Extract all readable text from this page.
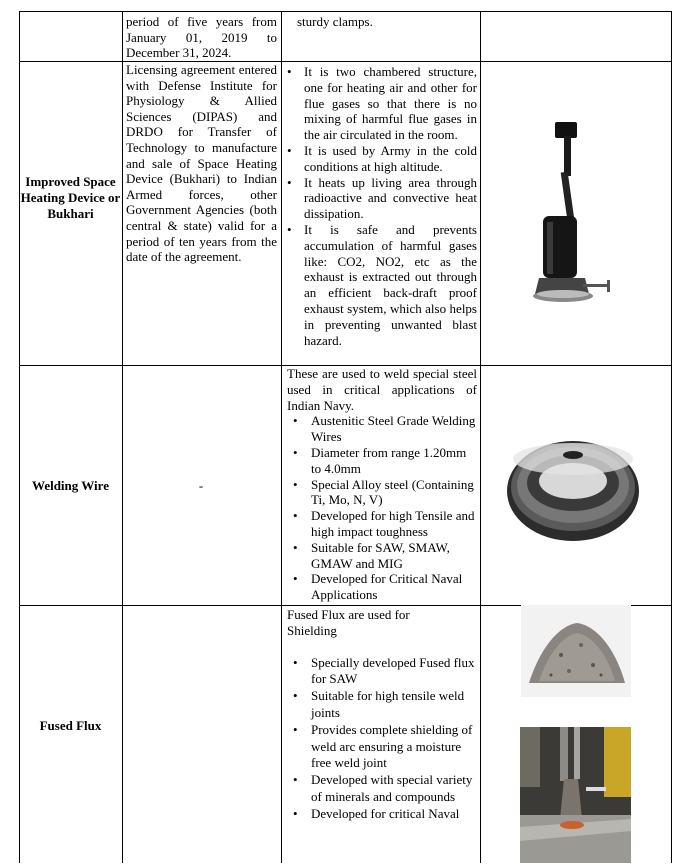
period of five years from January 01, 2019 to December 31, 2024.
sturdy clamps.
Improved Space Heating Device or Bukhari
Licensing agreement entered with Defense Institute for Physiology & Allied Sciences (DIPAS) and DRDO for Transfer of Technology to manufacture and sale of Space Heating Device (Bukhari) to Indian Armed forces, other Government Agencies (both central & state) valid for a period of ten years from the date of the agreement.
• It is two chambered structure, one for heating air and other for flue gases so that there is no mixing of harmful flue gases in the air circulated in the room.
• It is used by Army in the cold conditions at high altitude.
• It heats up living area through radioactive and convective heat dissipation.
• It is safe and prevents accumulation of harmful gases like: CO2, NO2, etc as the exhaust is extracted out through an efficient back-draft proof exhaust system, which also helps in preventing unwanted blast hazard.
Welding Wire	-
These are used to weld special steel used in critical applications of Indian Navy.
• Austenitic Steel Grade Welding Wires
• Diameter from range 1.20mm to 4.0mm
• Special Alloy steel (Containing Ti, Mo, N, V)
• Developed for high Tensile and high impact toughness
• Suitable for SAW, SMAW, GMAW and MIG
• Developed for Critical Naval Applications
Fused Flux
Fused Flux are used for Shielding
• Specially developed Fused flux for SAW
• Suitable for high tensile weld joints
• Provides complete shielding of weld arc ensuring a moisture free weld joint
• Developed with special variety of minerals and compounds
• Developed for critical Naval
